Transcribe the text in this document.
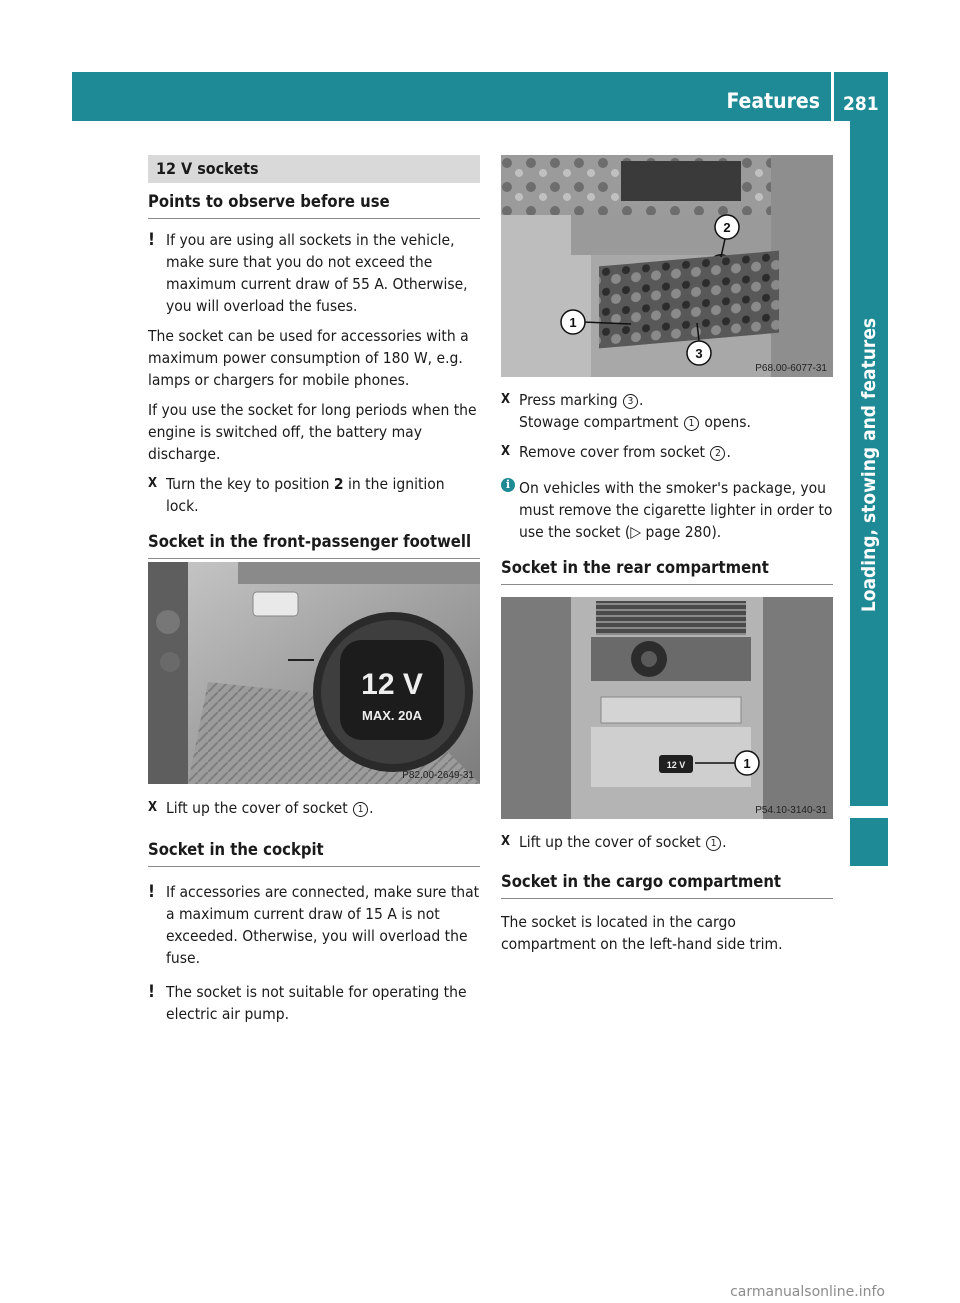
Features 281
Loading, stowing and features
12 V sockets
Points to observe before use
! If you are using all sockets in the vehicle, make sure that you do not exceed the maximum current draw of 55 A. Otherwise, you will overload the fuses.

The socket can be used for accessories with a maximum power consumption of 180 W, e.g. lamps or chargers for mobile phones.

If you use the socket for long periods when the engine is switched off, the battery may discharge.

X Turn the key to position 2 in the ignition lock.
Socket in the front-passenger footwell
12 V
MAX. 20A
P82.00-2649-31
X Lift up the cover of socket 1 .
Socket in the cockpit
! If accessories are connected, make sure that a maximum current draw of 15 A is not exceeded. Otherwise, you will overload the fuse.
! The socket is not suitable for operating the electric air pump.
1
2
3
P68.00-6077-31
X Press marking 3 .
Stowage compartment 1 opens.
X Remove cover from socket 2 .
i On vehicles with the smoker's package, you must remove the cigarette lighter in order to use the socket (▷ page 280).
Socket in the rear compartment
12 V	1
P54.10-3140-31
X Lift up the cover of socket 1 .
Socket in the cargo compartment

The socket is located in the cargo compartment on the left-hand side trim.

carmanualsonline.info
